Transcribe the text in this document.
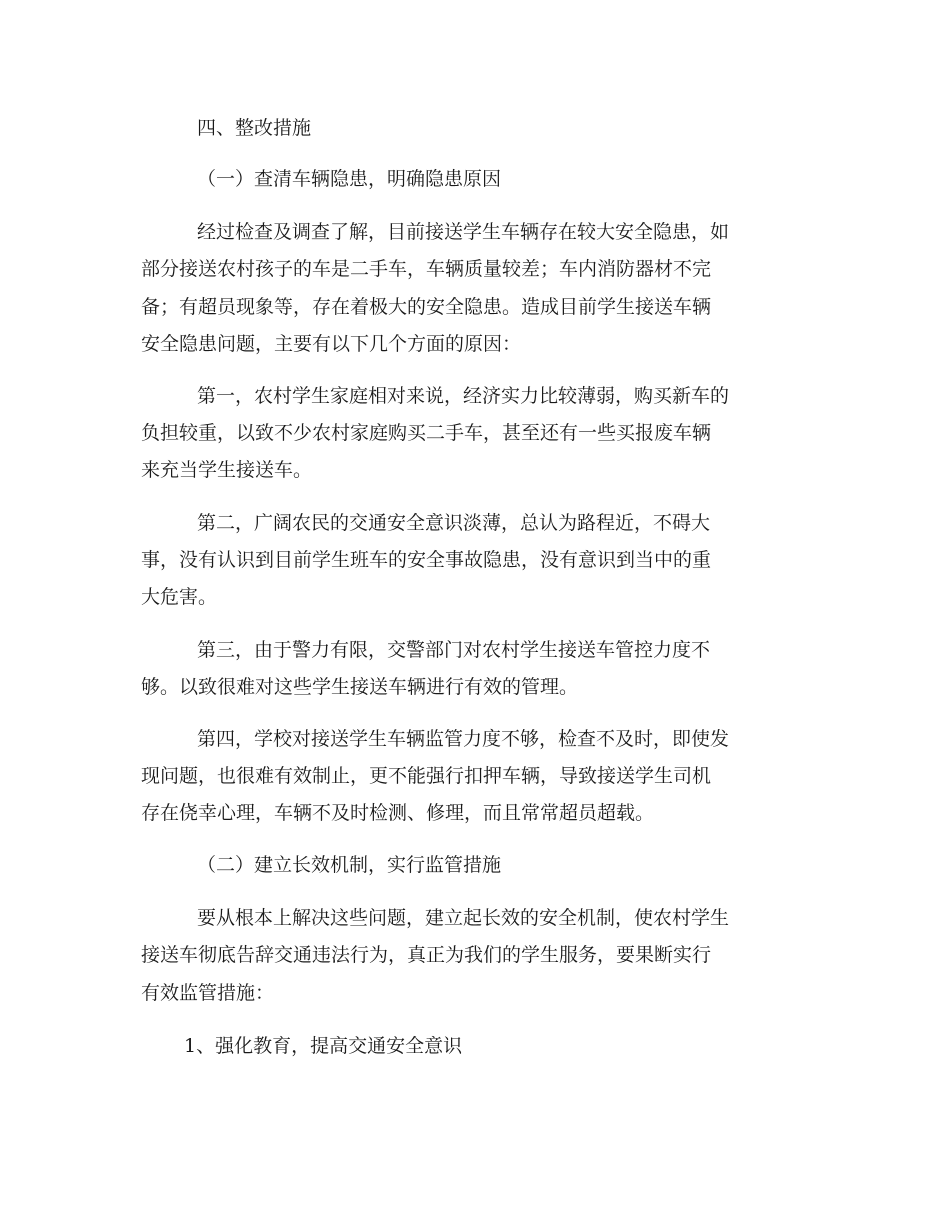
四、整改措施
（一）查清车辆隐患，明确隐患原因
经过检查及调查了解，目前接送学生车辆存在较大安全隐患，如
部分接送农村孩子的车是二手车，车辆质量较差；车内消防器材不完
备；有超员现象等，存在着极大的安全隐患。造成目前学生接送车辆
安全隐患问题，主要有以下几个方面的原因：
第一，农村学生家庭相对来说，经济实力比较薄弱，购买新车的
负担较重，以致不少农村家庭购买二手车，甚至还有一些买报废车辆
来充当学生接送车。
第二，广阔农民的交通安全意识淡薄，总认为路程近，不碍大
事，没有认识到目前学生班车的安全事故隐患，没有意识到当中的重
大危害。
第三，由于警力有限，交警部门对农村学生接送车管控力度不
够。以致很难对这些学生接送车辆进行有效的管理。
第四，学校对接送学生车辆监管力度不够，检查不及时，即使发
现问题，也很难有效制止，更不能强行扣押车辆，导致接送学生司机
存在侥幸心理，车辆不及时检测、修理，而且常常超员超载。
（二）建立长效机制，实行监管措施
要从根本上解决这些问题，建立起长效的安全机制，使农村学生
接送车彻底告辞交通违法行为，真正为我们的学生服务，要果断实行
有效监管措施：
1、强化教育，提高交通安全意识
